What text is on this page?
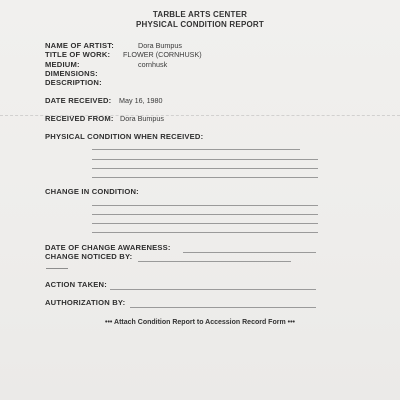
TARBLE ARTS CENTER
PHYSICAL CONDITION REPORT
NAME OF ARTIST:	Dora Bumpus
TITLE OF WORK: FLOWER (CORNHUSK)
MEDIUM:	cornhusk
DIMENSIONS:
DESCRIPTION:
DATE RECEIVED: May 16, 1980
RECEIVED FROM: Dora Bumpus
PHYSICAL CONDITION WHEN RECEIVED:
CHANGE IN CONDITION:
DATE OF CHANGE AWARENESS:
CHANGE NOTICED BY:
ACTION TAKEN:
AUTHORIZATION BY:
••• Attach Condition Report to Accession Record Form •••
